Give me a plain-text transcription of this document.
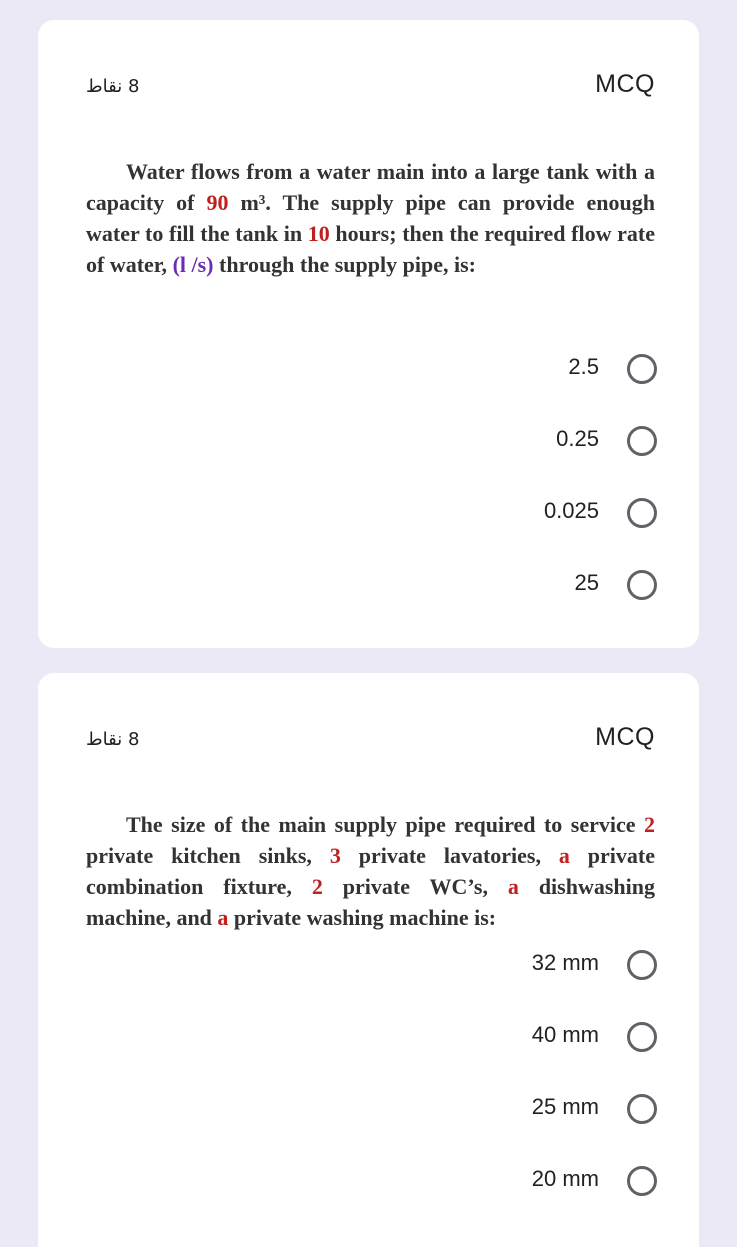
8 نقاط	MCQ
Water flows from a water main into a large tank with a capacity of 90 m³. The supply pipe can provide enough water to fill the tank in 10 hours; then the required flow rate of water, (l /s) through the supply pipe, is:
2.5
0.25
0.025
25
8 نقاط	MCQ
The size of the main supply pipe required to service 2 private kitchen sinks, 3 private lavatories, a private combination fixture, 2 private WC’s, a dishwashing machine, and a private washing machine is:
32 mm
40 mm
25 mm
20 mm
